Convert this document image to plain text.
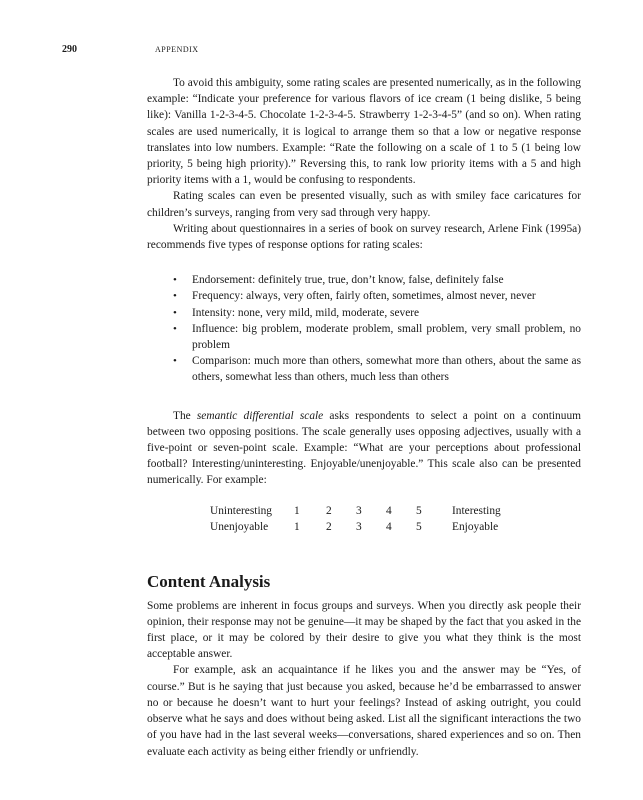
290	APPENDIX

To avoid this ambiguity, some rating scales are presented numerically, as in the following example: “Indicate your preference for various flavors of ice cream (1 being dislike, 5 being like): Vanilla 1-2-3-4-5. Chocolate 1-2-3-4-5. Strawberry 1-2-3-4-5” (and so on). When rating scales are used numerically, it is logical to arrange them so that a low or negative response translates into low numbers. Example: “Rate the following on a scale of 1 to 5 (1 being low priority, 5 being high priority).” Reversing this, to rank low priority items with a 5 and high priority items with a 1, would be confusing to respondents.

Rating scales can even be presented visually, such as with smiley face caricatures for children’s surveys, ranging from very sad through very happy.

Writing about questionnaires in a series of book on survey research, Arlene Fink (1995a) recommends five types of response options for rating scales:

• Endorsement: definitely true, true, don’t know, false, definitely false
• Frequency: always, very often, fairly often, sometimes, almost never, never
• Intensity: none, very mild, mild, moderate, severe
• Influence: big problem, moderate problem, small problem, very small problem, no problem
• Comparison: much more than others, somewhat more than others, about the same as others, somewhat less than others, much less than others

The semantic differential scale asks respondents to select a point on a continuum between two opposing positions. The scale generally uses opposing adjectives, usually with a five-point or seven-point scale. Example: “What are your perceptions about professional football? Interesting/uninteresting. Enjoyable/unenjoyable.” This scale also can be presented numerically. For example:

Uninteresting	1	2	3	4	5	Interesting
Unenjoyable	1	2	3	4	5	Enjoyable
Content Analysis

Some problems are inherent in focus groups and surveys. When you directly ask people their opinion, their response may not be genuine—it may be shaped by the fact that you asked in the first place, or it may be colored by their desire to give you what they think is the most acceptable answer.

For example, ask an acquaintance if he likes you and the answer may be “Yes, of course.” But is he saying that just because you asked, because he’d be embarrassed to answer no or because he doesn’t want to hurt your feelings? Instead of asking outright, you could observe what he says and does without being asked. List all the significant interactions the two of you have had in the last several weeks—conversations, shared experiences and so on. Then evaluate each activity as being either friendly or unfriendly.
